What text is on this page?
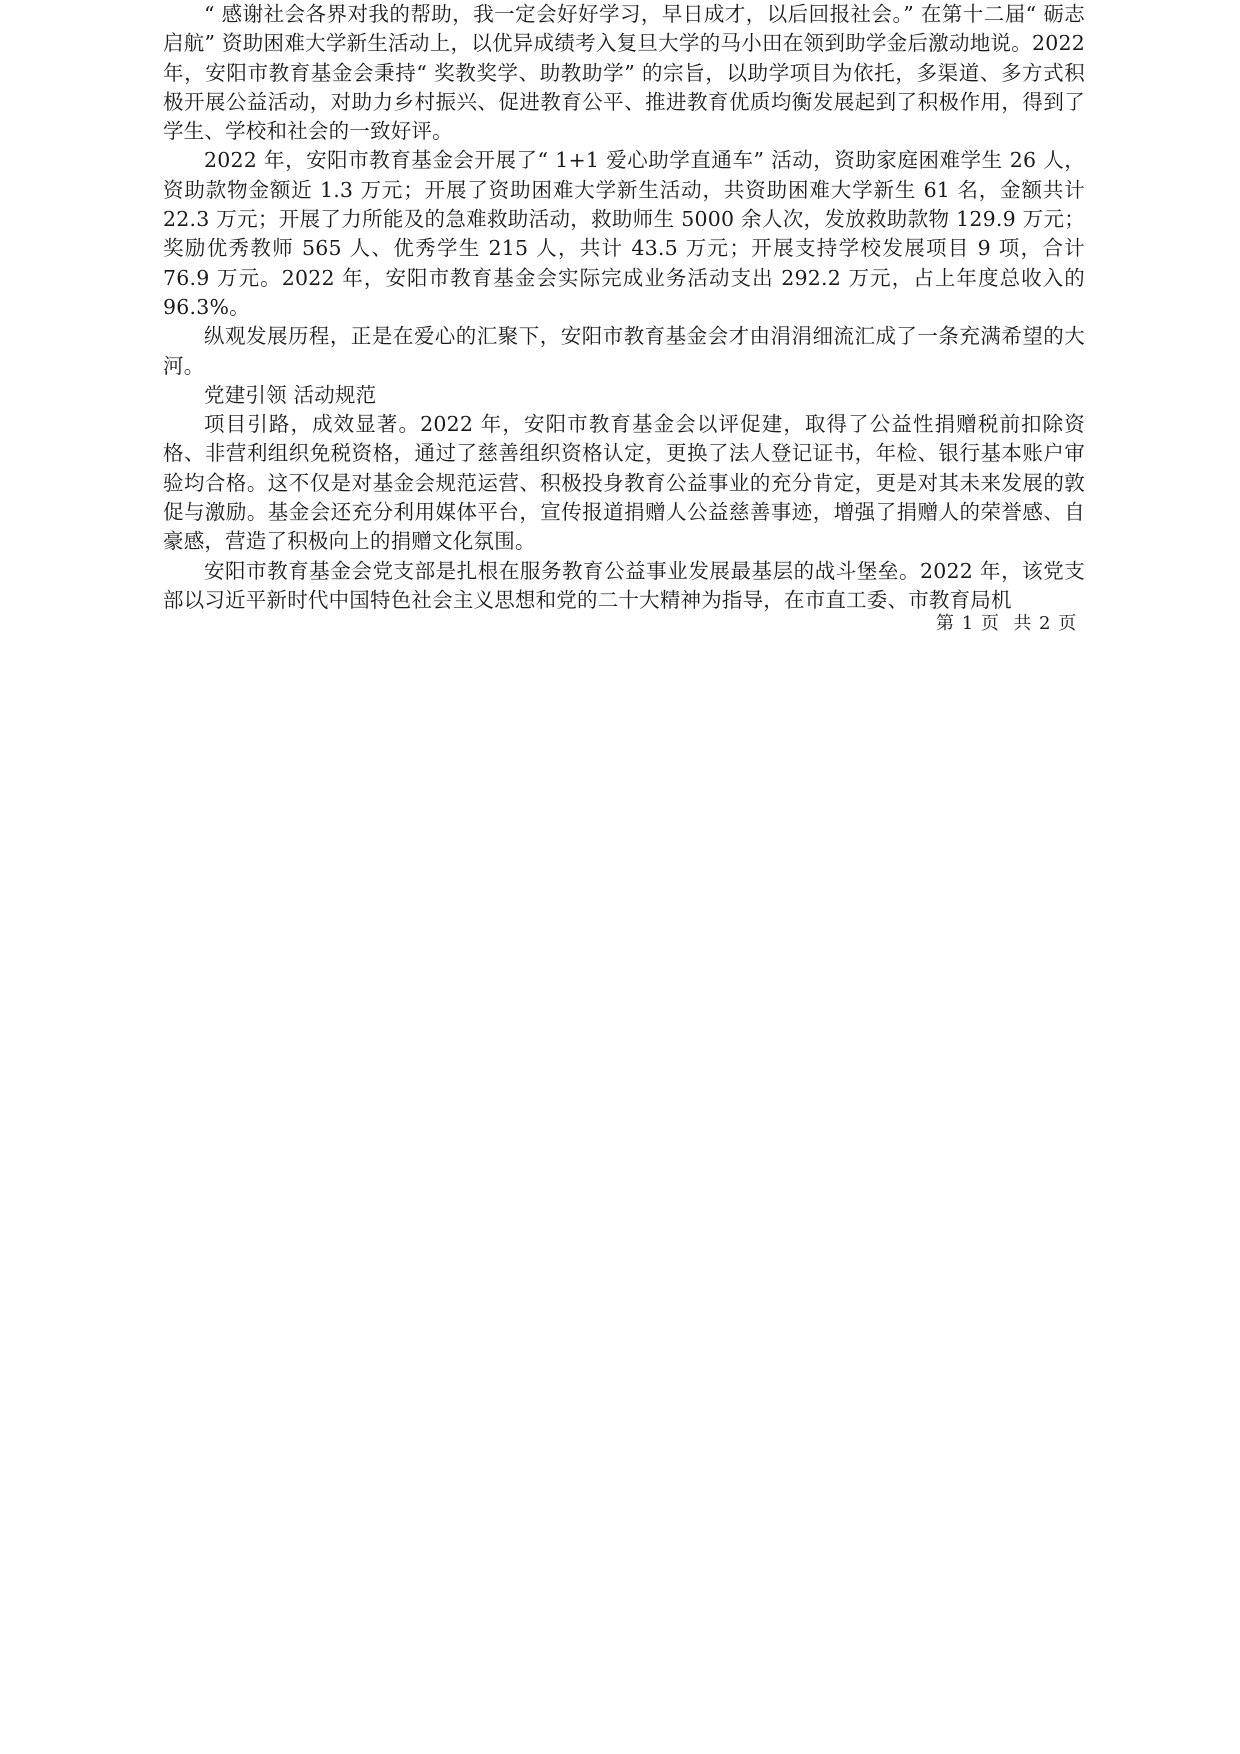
“ 感谢社会各界对我的帮助，我一定会好好学习，早日成才，以后回报社会。” 在第十二届“ 砺志启航” 资助困难大学新生活动上，以优异成绩考入复旦大学的马小田在领到助学金后激动地说。2022 年，安阳市教育基金会秉持“ 奖教奖学、助教助学” 的宗旨，以助学项目为依托，多渠道、多方式积极开展公益活动，对助力乡村振兴、促进教育公平、推进教育优质均衡发展起到了积极作用，得到了学生、学校和社会的一致好评。

2022 年，安阳市教育基金会开展了“ 1+1 爱心助学直通车” 活动，资助家庭困难学生 26 人，资助款物金额近 1.3 万元；开展了资助困难大学新生活动，共资助困难大学新生 61 名，金额共计 22.3 万元；开展了力所能及的急难救助活动，救助师生 5000 余人次，发放救助款物 129.9 万元；奖励优秀教师 565 人、优秀学生 215 人，共计 43.5 万元；开展支持学校发展项目 9 项，合计 76.9 万元。2022 年，安阳市教育基金会实际完成业务活动支出 292.2 万元，占上年度总收入的 96.3%。

纵观发展历程，正是在爱心的汇聚下，安阳市教育基金会才由涓涓细流汇成了一条充满希望的大河。

党建引领 活动规范

项目引路，成效显著。2022 年，安阳市教育基金会以评促建，取得了公益性捐赠税前扣除资格、非营利组织免税资格，通过了慈善组织资格认定，更换了法人登记证书，年检、银行基本账户审验均合格。这不仅是对基金会规范运营、积极投身教育公益事业的充分肯定，更是对其未来发展的敦促与激励。基金会还充分利用媒体平台，宣传报道捐赠人公益慈善事迹，增强了捐赠人的荣誉感、自豪感，营造了积极向上的捐赠文化氛围。

安阳市教育基金会党支部是扎根在服务教育公益事业发展最基层的战斗堡垒。2022 年，该党支部以习近平新时代中国特色社会主义思想和党的二十大精神为指导，在市直工委、市教育局机

第 1 页  共 2 页
